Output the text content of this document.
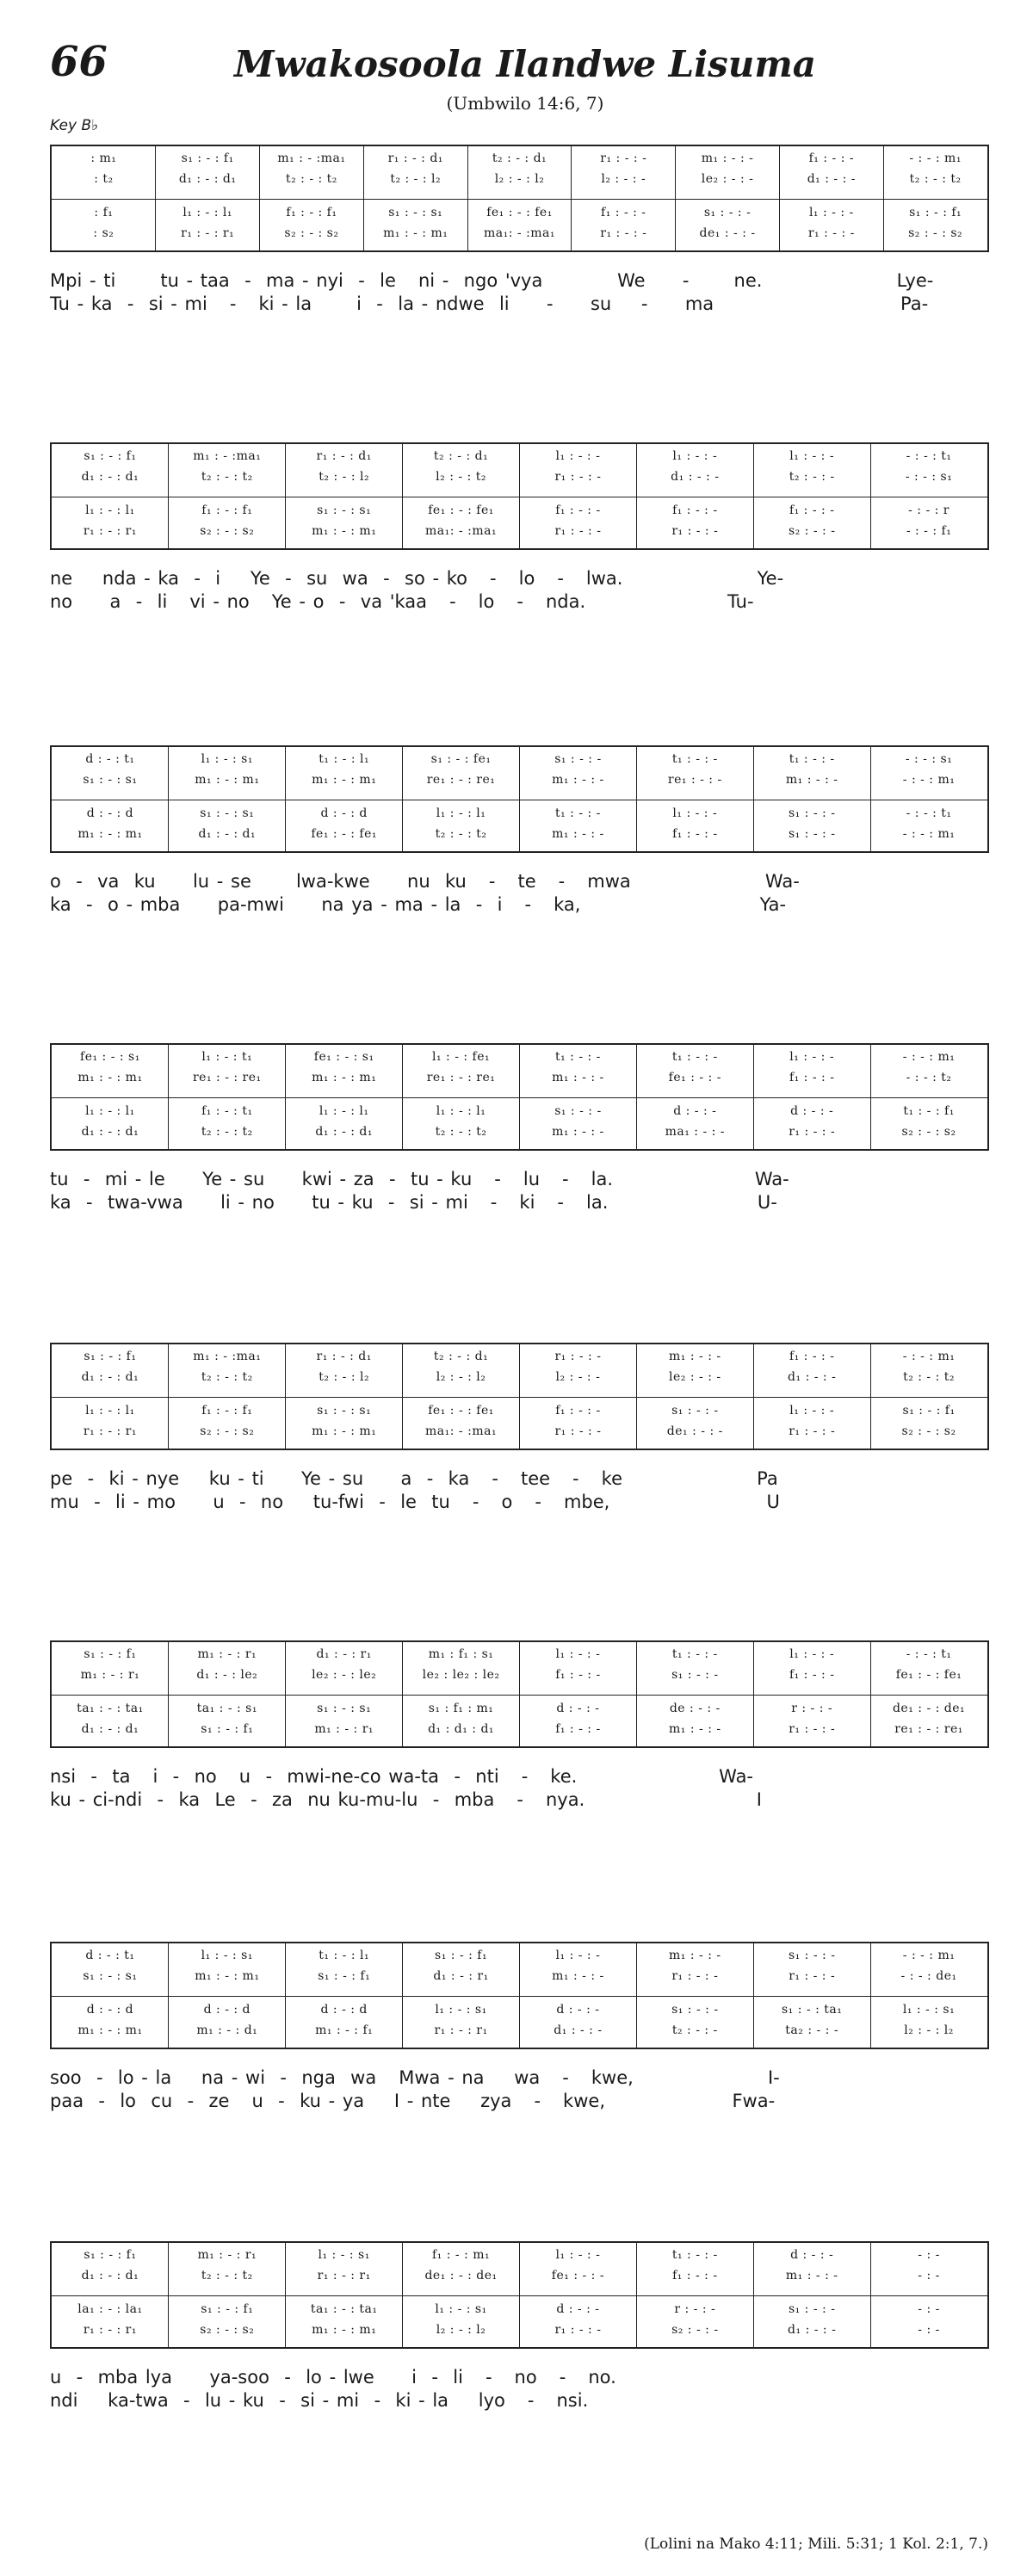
66	Mwakosoola Ilandwe Lisuma
(Umbwilo 14:6, 7)
Key B♭
: m₁	s₁ : - : f₁	m₁ : - :ma₁	r₁ : - : d₁	t₂ : - : d₁	r₁ : - : -	m₁ : - : -	f₁ : - : -	- : - : m₁
: t₂	d₁ : - : d₁	t₂ : - : t₂	t₂ : - : l₂	l₂ : - : l₂	l₂ : - : -	le₂ : - : -	d₁ : - : -	t₂ : - : t₂
: f₁	l₁ : - : l₁	f₁ : - : f₁	s₁ : - : s₁	fe₁ : - : fe₁	f₁ : - : -	s₁ : - : -	l₁ : - : -	s₁ : - : f₁
: s₂	r₁ : - : r₁	s₂ : - : s₂	m₁ : - : m₁	ma₁: - :ma₁	r₁ : - : -	de₁ : - : -	r₁ : - : -	s₂ : - : s₂
Mpi - ti      tu - taa  -  ma - nyi  -  le   ni -  ngo 'vya          We     -      ne.                  Lye-
Tu - ka  -  si - mi   -   ki - la      i  -  la - ndwe  li     -     su    -     ma                         Pa-
s₁ : - : f₁	m₁ : - :ma₁	r₁ : - : d₁	t₂ : - : d₁	l₁ : - : -	l₁ : - : -	l₁ : - : -	- : - : t₁
d₁ : - : d₁	t₂ : - : t₂	t₂ : - : l₂	l₂ : - : t₂	r₁ : - : -	d₁ : - : -	t₂ : - : -	- : - : s₁
l₁ : - : l₁	f₁ : - : f₁	s₁ : - : s₁	fe₁ : - : fe₁	f₁ : - : -	f₁ : - : -	f₁ : - : -	- : - : r
r₁ : - : r₁	s₂ : - : s₂	m₁ : - : m₁	ma₁: - :ma₁	r₁ : - : -	r₁ : - : -	s₂ : - : -	- : - : f₁
ne    nda - ka  -  i    Ye  -  su  wa  -  so - ko   -   lo   -   lwa.                  Ye-
no     a  -  li   vi - no   Ye - o  -  va 'kaa   -   lo   -   nda.                   Tu-
d : - : t₁	l₁ : - : s₁	t₁ : - : l₁	s₁ : - : fe₁	s₁ : - : -	t₁ : - : -	t₁ : - : -	- : - : s₁
s₁ : - : s₁	m₁ : - : m₁	m₁ : - : m₁	re₁ : - : re₁	m₁ : - : -	re₁ : - : -	m₁ : - : -	- : - : m₁
d : - : d	s₁ : - : s₁	d : - : d	l₁ : - : l₁	t₁ : - : -	l₁ : - : -	s₁ : - : -	- : - : t₁
m₁ : - : m₁	d₁ : - : d₁	fe₁ : - : fe₁	t₂ : - : t₂	m₁ : - : -	f₁ : - : -	s₁ : - : -	- : - : m₁
o  -  va  ku     lu - se      lwa-kwe     nu  ku   -   te   -   mwa                  Wa-
ka  -  o - mba     pa-mwi     na ya - ma - la  -  i   -   ka,                        Ya-
fe₁ : - : s₁	l₁ : - : t₁	fe₁ : - : s₁	l₁ : - : fe₁	t₁ : - : -	t₁ : - : -	l₁ : - : -	- : - : m₁
m₁ : - : m₁	re₁ : - : re₁	m₁ : - : m₁	re₁ : - : re₁	m₁ : - : -	fe₁ : - : -	f₁ : - : -	- : - : t₂
l₁ : - : l₁	f₁ : - : t₁	l₁ : - : l₁	l₁ : - : l₁	s₁ : - : -	d : - : -	d : - : -	t₁ : - : f₁
d₁ : - : d₁	t₂ : - : t₂	d₁ : - : d₁	t₂ : - : t₂	m₁ : - : -	ma₁ : - : -	r₁ : - : -	s₂ : - : s₂
tu  -  mi - le     Ye - su     kwi - za  -  tu - ku   -   lu   -   la.                   Wa-
ka  -  twa-vwa     li - no     tu - ku  -  si - mi   -   ki   -   la.                    U-
s₁ : - : f₁	m₁ : - :ma₁	r₁ : - : d₁	t₂ : - : d₁	r₁ : - : -	m₁ : - : -	f₁ : - : -	- : - : m₁
d₁ : - : d₁	t₂ : - : t₂	t₂ : - : l₂	l₂ : - : l₂	l₂ : - : -	le₂ : - : -	d₁ : - : -	t₂ : - : t₂
l₁ : - : l₁	f₁ : - : f₁	s₁ : - : s₁	fe₁ : - : fe₁	f₁ : - : -	s₁ : - : -	l₁ : - : -	s₁ : - : f₁
r₁ : - : r₁	s₂ : - : s₂	m₁ : - : m₁	ma₁: - :ma₁	r₁ : - : -	de₁ : - : -	r₁ : - : -	s₂ : - : s₂
pe  -  ki - nye    ku - ti     Ye - su     a  -  ka   -   tee   -   ke                  Pa
mu  -  li - mo     u  -  no    tu-fwi  -  le  tu   -   o   -   mbe,                     U
s₁ : - : f₁	m₁ : - : r₁	d₁ : - : r₁	m₁ : f₁ : s₁	l₁ : - : -	t₁ : - : -	l₁ : - : -	- : - : t₁
m₁ : - : r₁	d₁ : - : le₂	le₂ : - : le₂	le₂ : le₂ : le₂	f₁ : - : -	s₁ : - : -	f₁ : - : -	fe₁ : - : fe₁
ta₁ : - : ta₁	ta₁ : - : s₁	s₁ : - : s₁	s₁ : f₁ : m₁	d : - : -	de : - : -	r : - : -	de₁ : - : de₁
d₁ : - : d₁	s₁ : - : f₁	m₁ : - : r₁	d₁ : d₁ : d₁	f₁ : - : -	m₁ : - : -	r₁ : - : -	re₁ : - : re₁
nsi  -  ta   i  -  no   u  -  mwi-ne-co wa-ta  -  nti   -   ke.                   Wa-
ku - ci-ndi  -  ka  Le  -  za  nu ku-mu-lu  -  mba   -   nya.                       I
d : - : t₁	l₁ : - : s₁	t₁ : - : l₁	s₁ : - : f₁	l₁ : - : -	m₁ : - : -	s₁ : - : -	- : - : m₁
s₁ : - : s₁	m₁ : - : m₁	s₁ : - : f₁	d₁ : - : r₁	m₁ : - : -	r₁ : - : -	r₁ : - : -	- : - : de₁
d : - : d	d : - : d	d : - : d	l₁ : - : s₁	d : - : -	s₁ : - : -	s₁ : - : ta₁	l₁ : - : s₁
m₁ : - : m₁	m₁ : - : d₁	m₁ : - : f₁	r₁ : - : r₁	d₁ : - : -	t₂ : - : -	ta₂ : - : -	l₂ : - : l₂
soo  -  lo - la    na - wi  -  nga  wa   Mwa - na    wa   -   kwe,                  I-
paa  -  lo  cu  -  ze   u  -  ku - ya    I - nte    zya   -   kwe,                 Fwa-
s₁ : - : f₁	m₁ : - : r₁	l₁ : - : s₁	f₁ : - : m₁	l₁ : - : -	t₁ : - : -	d : - : -	- : -
d₁ : - : d₁	t₂ : - : t₂	r₁ : - : r₁	de₁ : - : de₁	fe₁ : - : -	f₁ : - : -	m₁ : - : -	- : -
la₁ : - : la₁	s₁ : - : f₁	ta₁ : - : ta₁	l₁ : - : s₁	d : - : -	r : - : -	s₁ : - : -	- : -
r₁ : - : r₁	s₂ : - : s₂	m₁ : - : m₁	l₂ : - : l₂	r₁ : - : -	s₂ : - : -	d₁ : - : -	- : -
u  -  mba lya     ya-soo  -  lo - lwe     i  -  li   -   no   -   no.
ndi    ka-twa  -  lu - ku  -  si - mi  -  ki - la    lyo   -   nsi.
(Lolini na Mako 4:11; Mili. 5:31; 1 Kol. 2:1, 7.)
